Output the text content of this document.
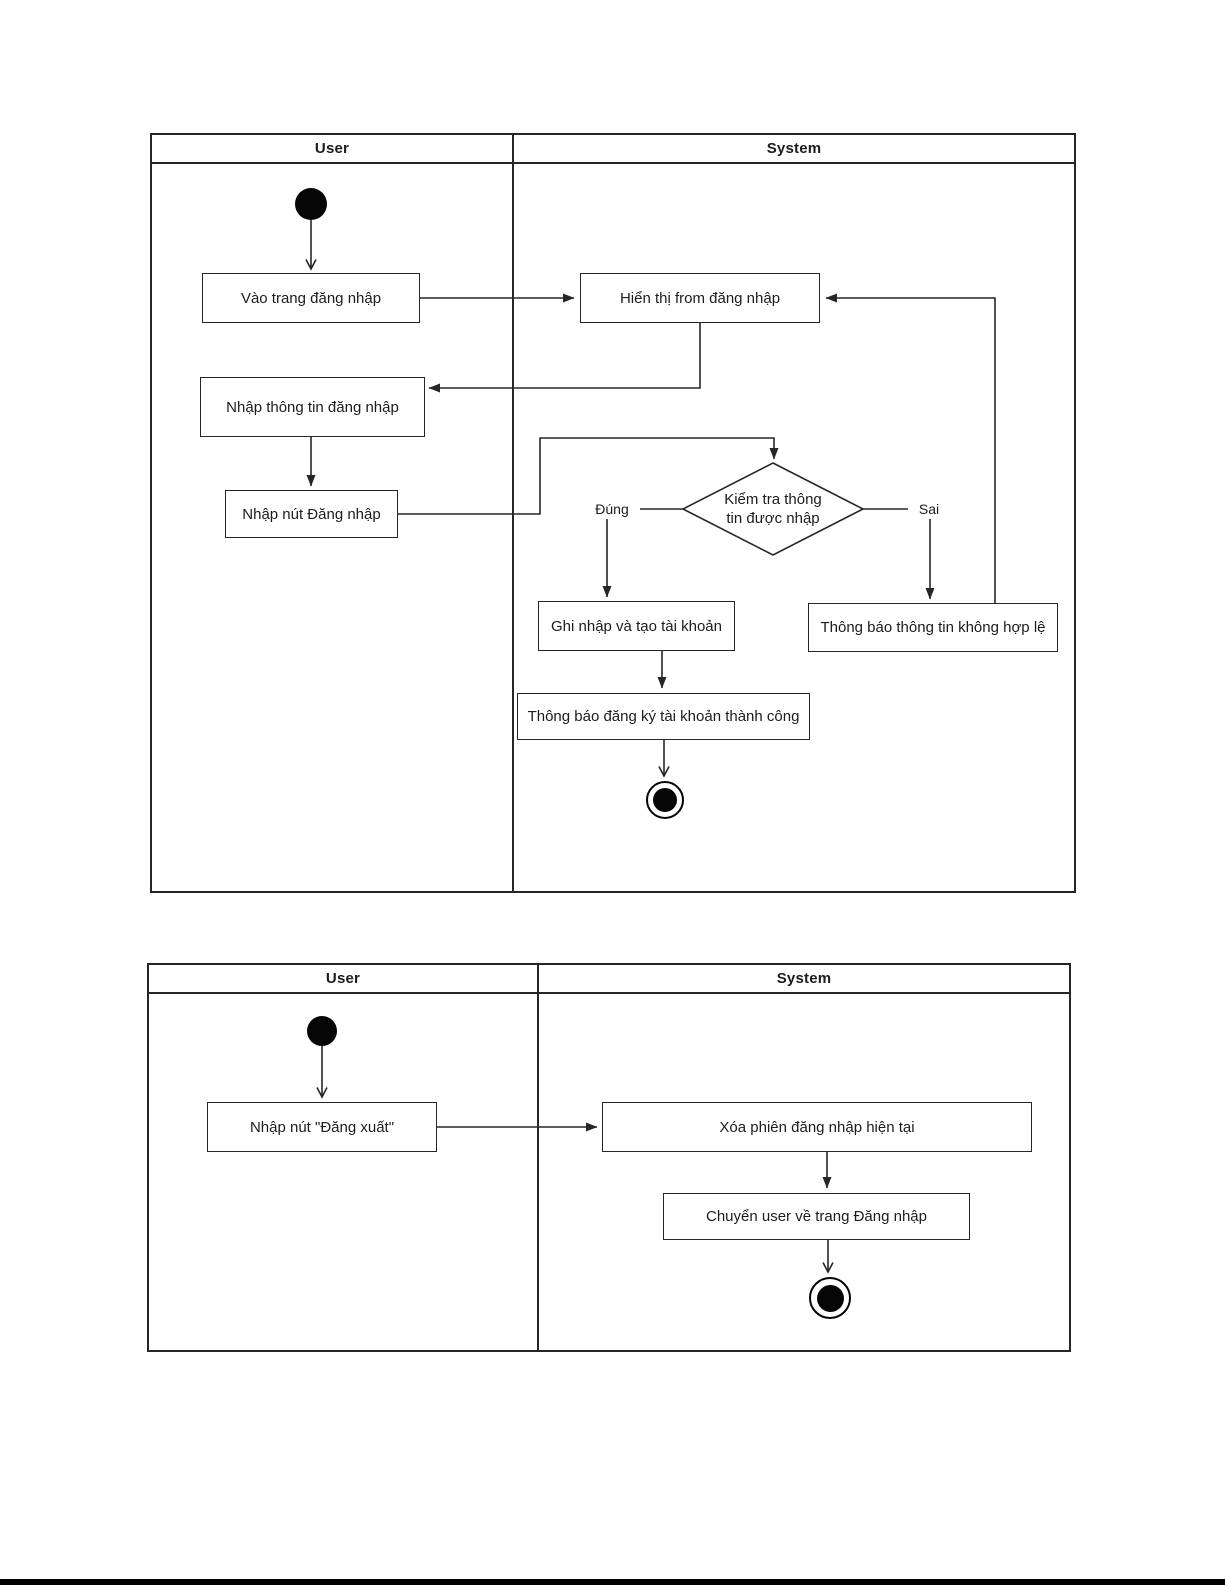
User	System
User	System
Vào trang đăng nhập	Hiển thị from đăng nhập
Nhập thông tin đăng nhập
Nhập nút Đăng nhập
Kiểm tra thông
tin được nhập
Đúng	Sai
Ghi nhập và tạo tài khoản	Thông báo thông tin không hợp lệ
Thông báo đăng ký tài khoản thành công
Nhập nút "Đăng xuất"	Xóa phiên đăng nhập hiện tại
Chuyển user về trang Đăng nhập
